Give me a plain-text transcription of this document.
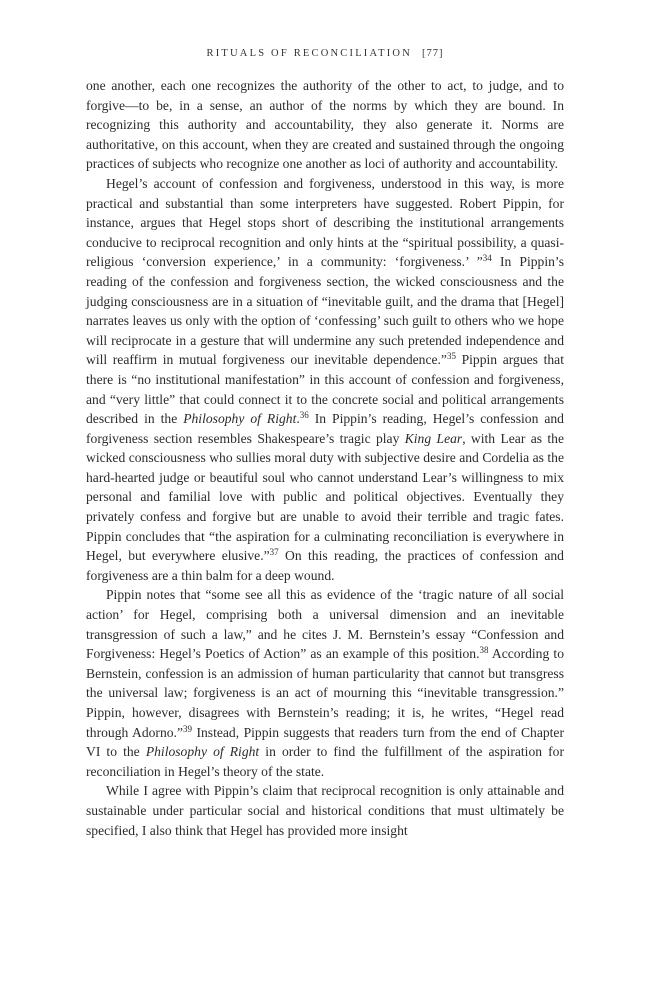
RITUALS OF RECONCILIATION [77]

one another, each one recognizes the authority of the other to act, to judge, and to forgive—to be, in a sense, an author of the norms by which they are bound. In recognizing this authority and accountability, they also generate it. Norms are authoritative, on this account, when they are created and sustained through the ongoing practices of subjects who recognize one another as loci of authority and accountability.

Hegel’s account of confession and forgiveness, understood in this way, is more practical and substantial than some interpreters have suggested. Robert Pippin, for instance, argues that Hegel stops short of describing the institutional arrangements conducive to reciprocal recognition and only hints at the “spiritual possibility, a quasi-religious ‘conversion experience,’ in a community: ‘forgiveness.’ ”$^{34}$ In Pippin’s reading of the confession and forgiveness section, the wicked consciousness and the judging consciousness are in a situation of “inevitable guilt, and the drama that [Hegel] narrates leaves us only with the option of ‘confessing’ such guilt to others who we hope will reciprocate in a gesture that will undermine any such pretended independence and will reaffirm in mutual forgiveness our inevitable dependence.”$^{35}$ Pippin argues that there is “no institutional manifestation” in this account of confession and forgiveness, and “very little” that could connect it to the concrete social and political arrangements described in the Philosophy of Right.$^{36}$ In Pippin’s reading, Hegel’s confession and forgiveness section resembles Shakespeare’s tragic play King Lear, with Lear as the wicked consciousness who sullies moral duty with subjective desire and Cordelia as the hard-hearted judge or beautiful soul who cannot understand Lear’s willingness to mix personal and familial love with public and political objectives. Eventually they privately confess and forgive but are unable to avoid their terrible and tragic fates. Pippin concludes that “the aspiration for a culminating reconciliation is everywhere in Hegel, but everywhere elusive.”$^{37}$ On this reading, the practices of confession and forgiveness are a thin balm for a deep wound.

Pippin notes that “some see all this as evidence of the ‘tragic nature of all social action’ for Hegel, comprising both a universal dimension and an inevitable transgression of such a law,” and he cites J. M. Bernstein’s essay “Confession and Forgiveness: Hegel’s Poetics of Action” as an example of this position.$^{38}$ According to Bernstein, confession is an admission of human particularity that cannot but transgress the universal law; forgiveness is an act of mourning this “inevitable transgression.” Pippin, however, disagrees with Bernstein’s reading; it is, he writes, “Hegel read through Adorno.”$^{39}$ Instead, Pippin suggests that readers turn from the end of Chapter VI to the Philosophy of Right in order to find the fulfillment of the aspiration for reconciliation in Hegel’s theory of the state.

While I agree with Pippin’s claim that reciprocal recognition is only attainable and sustainable under particular social and historical conditions that must ultimately be specified, I also think that Hegel has provided more insight
